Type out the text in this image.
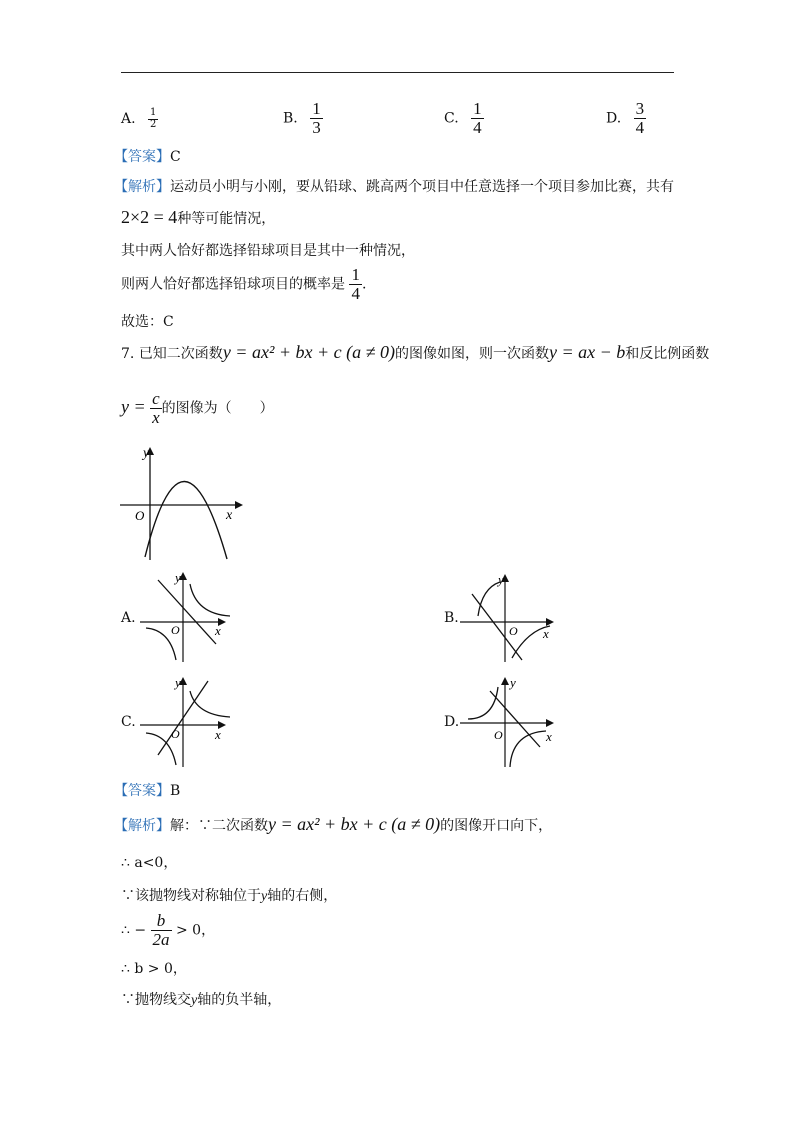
A. $\frac{1}{2}$	B. $\frac{1}{3}$	C. $\frac{1}{4}$	D. $\frac{3}{4}$
【答案】C
【解析】运动员小明与小刚，要从铅球、跳高两个项目中任意选择一个项目参加比赛，共有
2×2 = 4种等可能情况，
其中两人恰好都选择铅球项目是其中一种情况，
则两人恰好都选择铅球项目的概率是 $\frac{1}{4}$ .
故选：C
7. 已知二次函数y = ax² + bx + c (a ≠ 0)的图像如图，则一次函数y = ax − b和反比例函数
$y = \frac{c}{x}$ 的图像为（　　）
y
x
O
A.
y
x
O
B.
y
x
O
C.
y
x
O
D.
y
x
O
【答案】B
【解析】解：∵二次函数y = ax² + bx + c (a ≠ 0)的图像开口向下，
∴ a<0，
∵该抛物线对称轴位于y轴的右侧，
∴ − $\frac{b}{2a} > 0$，
∴ b > 0，
∵抛物线交y轴的负半轴，
